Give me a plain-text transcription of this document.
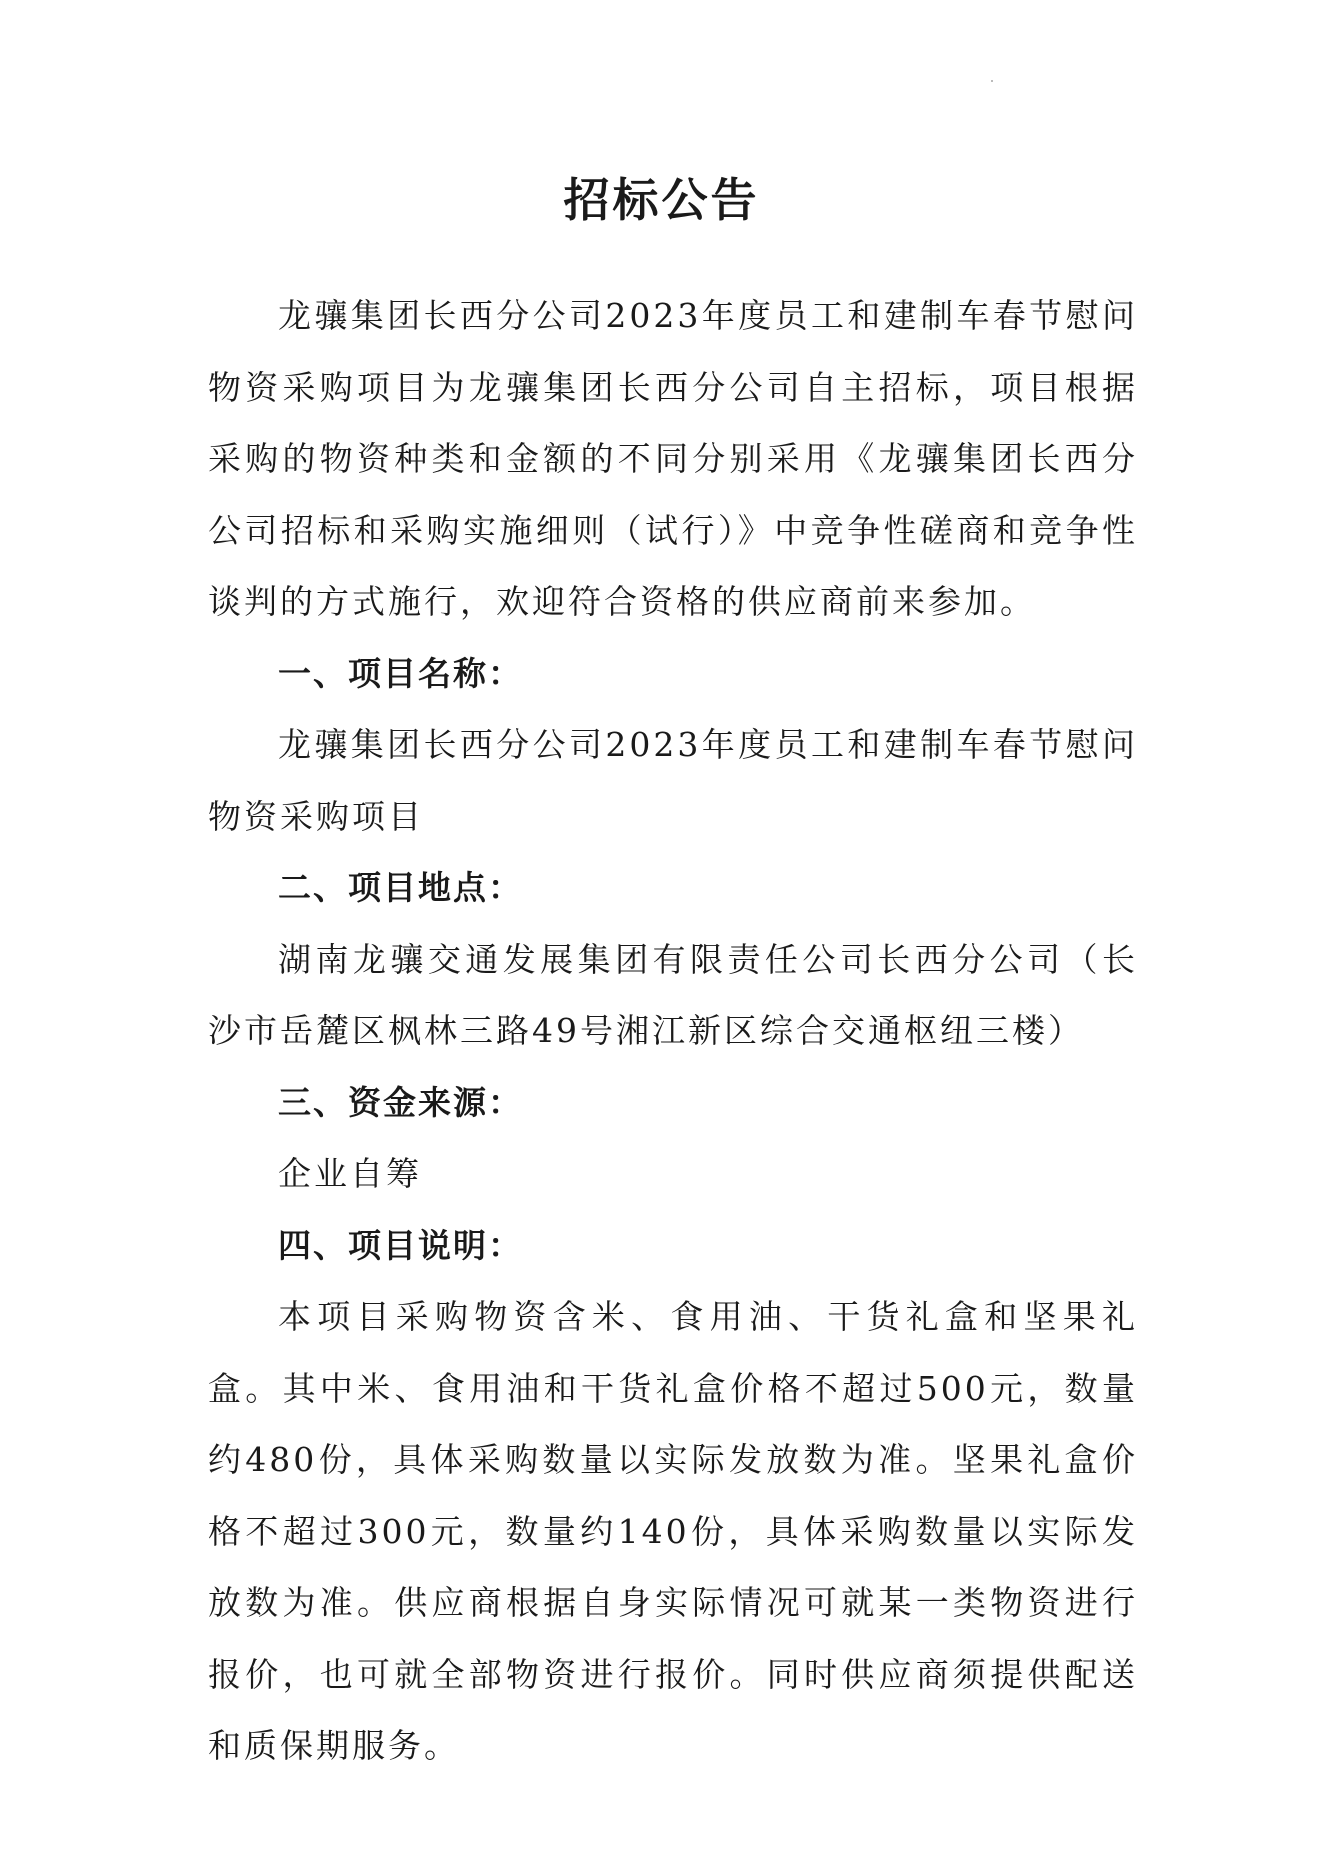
招标公告

龙骧集团长西分公司2023年度员工和建制车春节慰问物资采购项目为龙骧集团长西分公司自主招标，项目根据采购的物资种类和金额的不同分别采用《龙骧集团长西分公司招标和采购实施细则（试行）》中竞争性磋商和竞争性谈判的方式施行，欢迎符合资格的供应商前来参加。

一、项目名称：

龙骧集团长西分公司2023年度员工和建制车春节慰问物资采购项目

二、项目地点：

湖南龙骧交通发展集团有限责任公司长西分公司（长沙市岳麓区枫林三路49号湘江新区综合交通枢纽三楼）

三、资金来源：

企业自筹

四、项目说明：

本项目采购物资含米、食用油、干货礼盒和坚果礼盒。其中米、食用油和干货礼盒价格不超过500元，数量约480份，具体采购数量以实际发放数为准。坚果礼盒价格不超过300元，数量约140份，具体采购数量以实际发放数为准。供应商根据自身实际情况可就某一类物资进行报价，也可就全部物资进行报价。同时供应商须提供配送和质保期服务。
